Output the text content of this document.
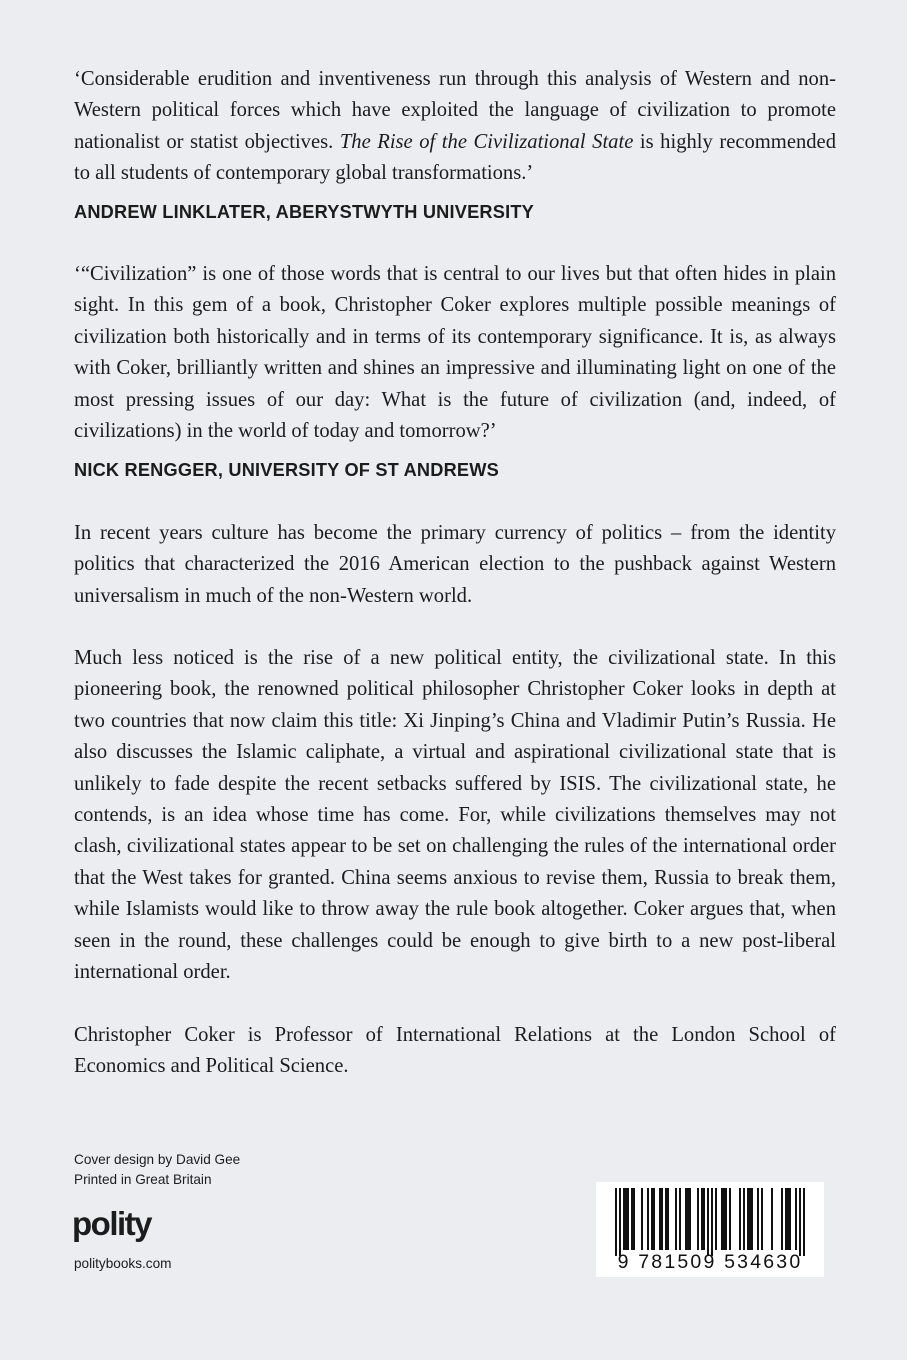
‘Considerable erudition and inventiveness run through this analysis of Western and non-Western political forces which have exploited the language of civilization to promote nationalist or statist objectives. The Rise of the Civilizational State is highly recommended to all students of contemporary global transformations.’

ANDREW LINKLATER, ABERYSTWYTH UNIVERSITY

‘“Civilization” is one of those words that is central to our lives but that often hides in plain sight. In this gem of a book, Christopher Coker explores multiple possible meanings of civilization both historically and in terms of its contemporary significance. It is, as always with Coker, brilliantly written and shines an impressive and illuminating light on one of the most pressing issues of our day: What is the future of civilization (and, indeed, of civilizations) in the world of today and tomorrow?’

NICK RENGGER, UNIVERSITY OF ST ANDREWS

In recent years culture has become the primary currency of politics – from the identity politics that characterized the 2016 American election to the pushback against Western universalism in much of the non-Western world.

Much less noticed is the rise of a new political entity, the civilizational state. In this pioneering book, the renowned political philosopher Christopher Coker looks in depth at two countries that now claim this title: Xi Jinping’s China and Vladimir Putin’s Russia. He also discusses the Islamic caliphate, a virtual and aspirational civilizational state that is unlikely to fade despite the recent setbacks suffered by ISIS. The civilizational state, he contends, is an idea whose time has come. For, while civilizations themselves may not clash, civilizational states appear to be set on challenging the rules of the international order that the West takes for granted. China seems anxious to revise them, Russia to break them, while Islamists would like to throw away the rule book altogether. Coker argues that, when seen in the round, these challenges could be enough to give birth to a new post-liberal international order.

Christopher Coker is Professor of International Relations at the London School of Economics and Political Science.

Cover design by David Gee

Printed in Great Britain

polity

politybooks.com	9 781509 534630
